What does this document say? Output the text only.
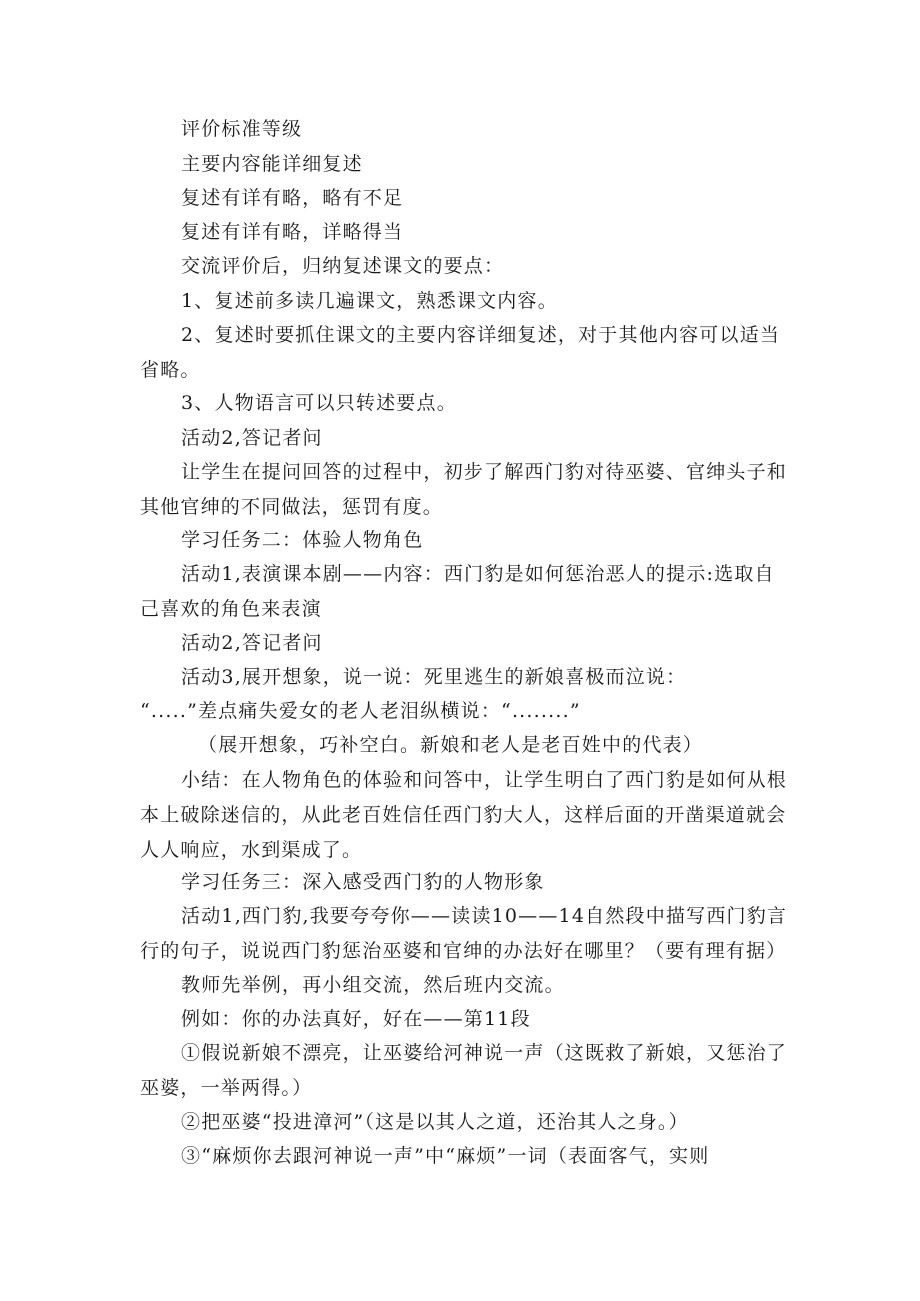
评价标准等级

主要内容能详细复述

复述有详有略，略有不足

复述有详有略，详略得当

交流评价后，归纳复述课文的要点：

1、复述前多读几遍课文，熟悉课文内容。

2、复述时要抓住课文的主要内容详细复述，对于其他内容可以适当省略。

3、人物语言可以只转述要点。

活动2,答记者问

让学生在提问回答的过程中，初步了解西门豹对待巫婆、官绅头子和其他官绅的不同做法，惩罚有度。

学习任务二：体验人物角色

活动1,表演课本剧——内容：西门豹是如何惩治恶人的提示:选取自己喜欢的角色来表演

活动2,答记者问

活动3,展开想象，说一说：死里逃生的新娘喜极而泣说：

“.....”差点痛失爱女的老人老泪纵横说：“........”

（展开想象，巧补空白。新娘和老人是老百姓中的代表）

小结：在人物角色的体验和问答中，让学生明白了西门豹是如何从根本上破除迷信的，从此老百姓信任西门豹大人，这样后面的开凿渠道就会人人响应，水到渠成了。

学习任务三：深入感受西门豹的人物形象

活动1,西门豹,我要夸夸你——读读10——14自然段中描写西门豹言行的句子，说说西门豹惩治巫婆和官绅的办法好在哪里？（要有理有据）

教师先举例，再小组交流，然后班内交流。

例如：你的办法真好，好在——第11段

①假说新娘不漂亮，让巫婆给河神说一声（这既救了新娘，又惩治了巫婆，一举两得。）

②把巫婆“投进漳河”（这是以其人之道，还治其人之身。）

③“麻烦你去跟河神说一声”中“麻烦”一词（表面客气，实则
